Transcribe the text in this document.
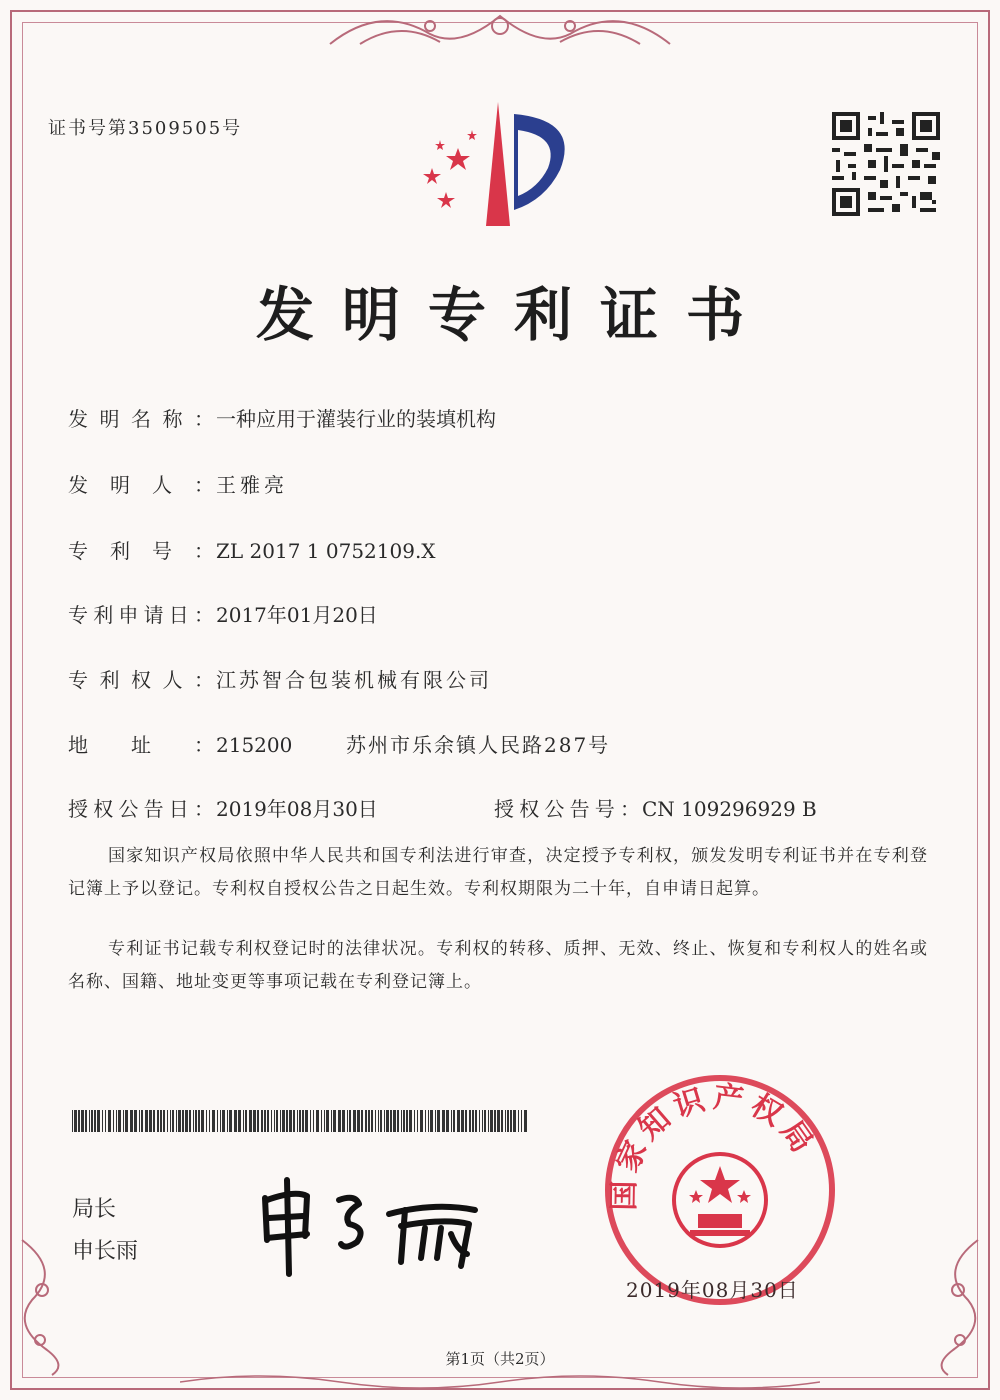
证书号第3509505号
发明专利证书
发明名称：一种应用于灌装行业的装填机构
发明人：王雅亮
专利号：ZL 2017 1 0752109.X
专利申请日：2017年01月20日
专利权人：江苏智合包装机械有限公司
地址：215200	苏州市乐余镇人民路287号
授权公告日：2019年08月30日	授权公告号：CN 109296929 B
国家知识产权局依照中华人民共和国专利法进行审查，决定授予专利权，颁发发明专利证书并在专利登记簿上予以登记。专利权自授权公告之日起生效。专利权期限为二十年，自申请日起算。
专利证书记载专利权登记时的法律状况。专利权的转移、质押、无效、终止、恢复和专利权人的姓名或名称、国籍、地址变更等事项记载在专利登记簿上。
局长
申长雨
国家知识产权局
2019年08月30日
第1页（共2页）
